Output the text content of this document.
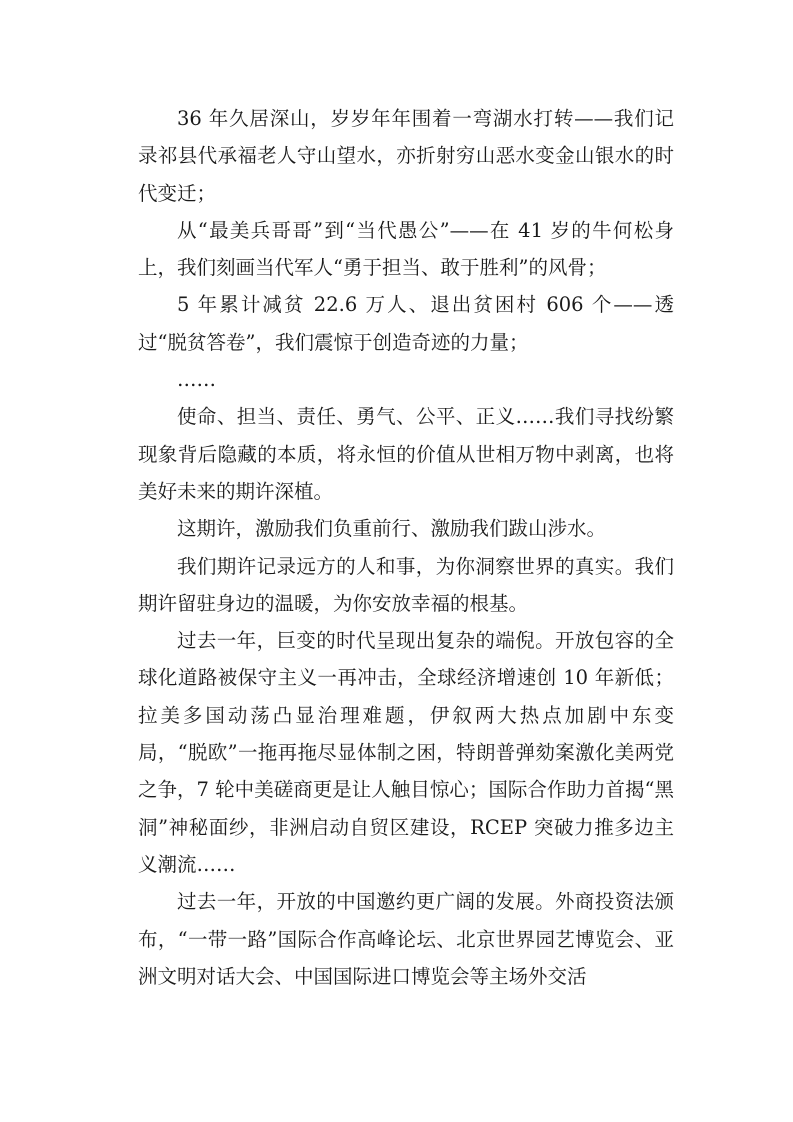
36 年久居深山，岁岁年年围着一弯湖水打转——我们记录祁县代承福老人守山望水，亦折射穷山恶水变金山银水的时代变迁；

从“最美兵哥哥”到“当代愚公”——在 41 岁的牛何松身上，我们刻画当代军人“勇于担当、敢于胜利”的风骨；

5 年累计减贫 22.6 万人、退出贫困村 606 个——透过“脱贫答卷”，我们震惊于创造奇迹的力量；

……

使命、担当、责任、勇气、公平、正义……我们寻找纷繁现象背后隐藏的本质，将永恒的价值从世相万物中剥离，也将美好未来的期许深植。

这期许，激励我们负重前行、激励我们跋山涉水。

我们期许记录远方的人和事，为你洞察世界的真实。我们期许留驻身边的温暖，为你安放幸福的根基。

过去一年，巨变的时代呈现出复杂的端倪。开放包容的全球化道路被保守主义一再冲击，全球经济增速创 10 年新低；拉美多国动荡凸显治理难题，伊叙两大热点加剧中东变局，“脱欧”一拖再拖尽显体制之困，特朗普弹劾案激化美两党之争，7 轮中美磋商更是让人触目惊心；国际合作助力首揭“黑洞”神秘面纱，非洲启动自贸区建设，RCEP 突破力推多边主义潮流……

过去一年，开放的中国邀约更广阔的发展。外商投资法颁布，“一带一路”国际合作高峰论坛、北京世界园艺博览会、亚洲文明对话大会、中国国际进口博览会等主场外交活
